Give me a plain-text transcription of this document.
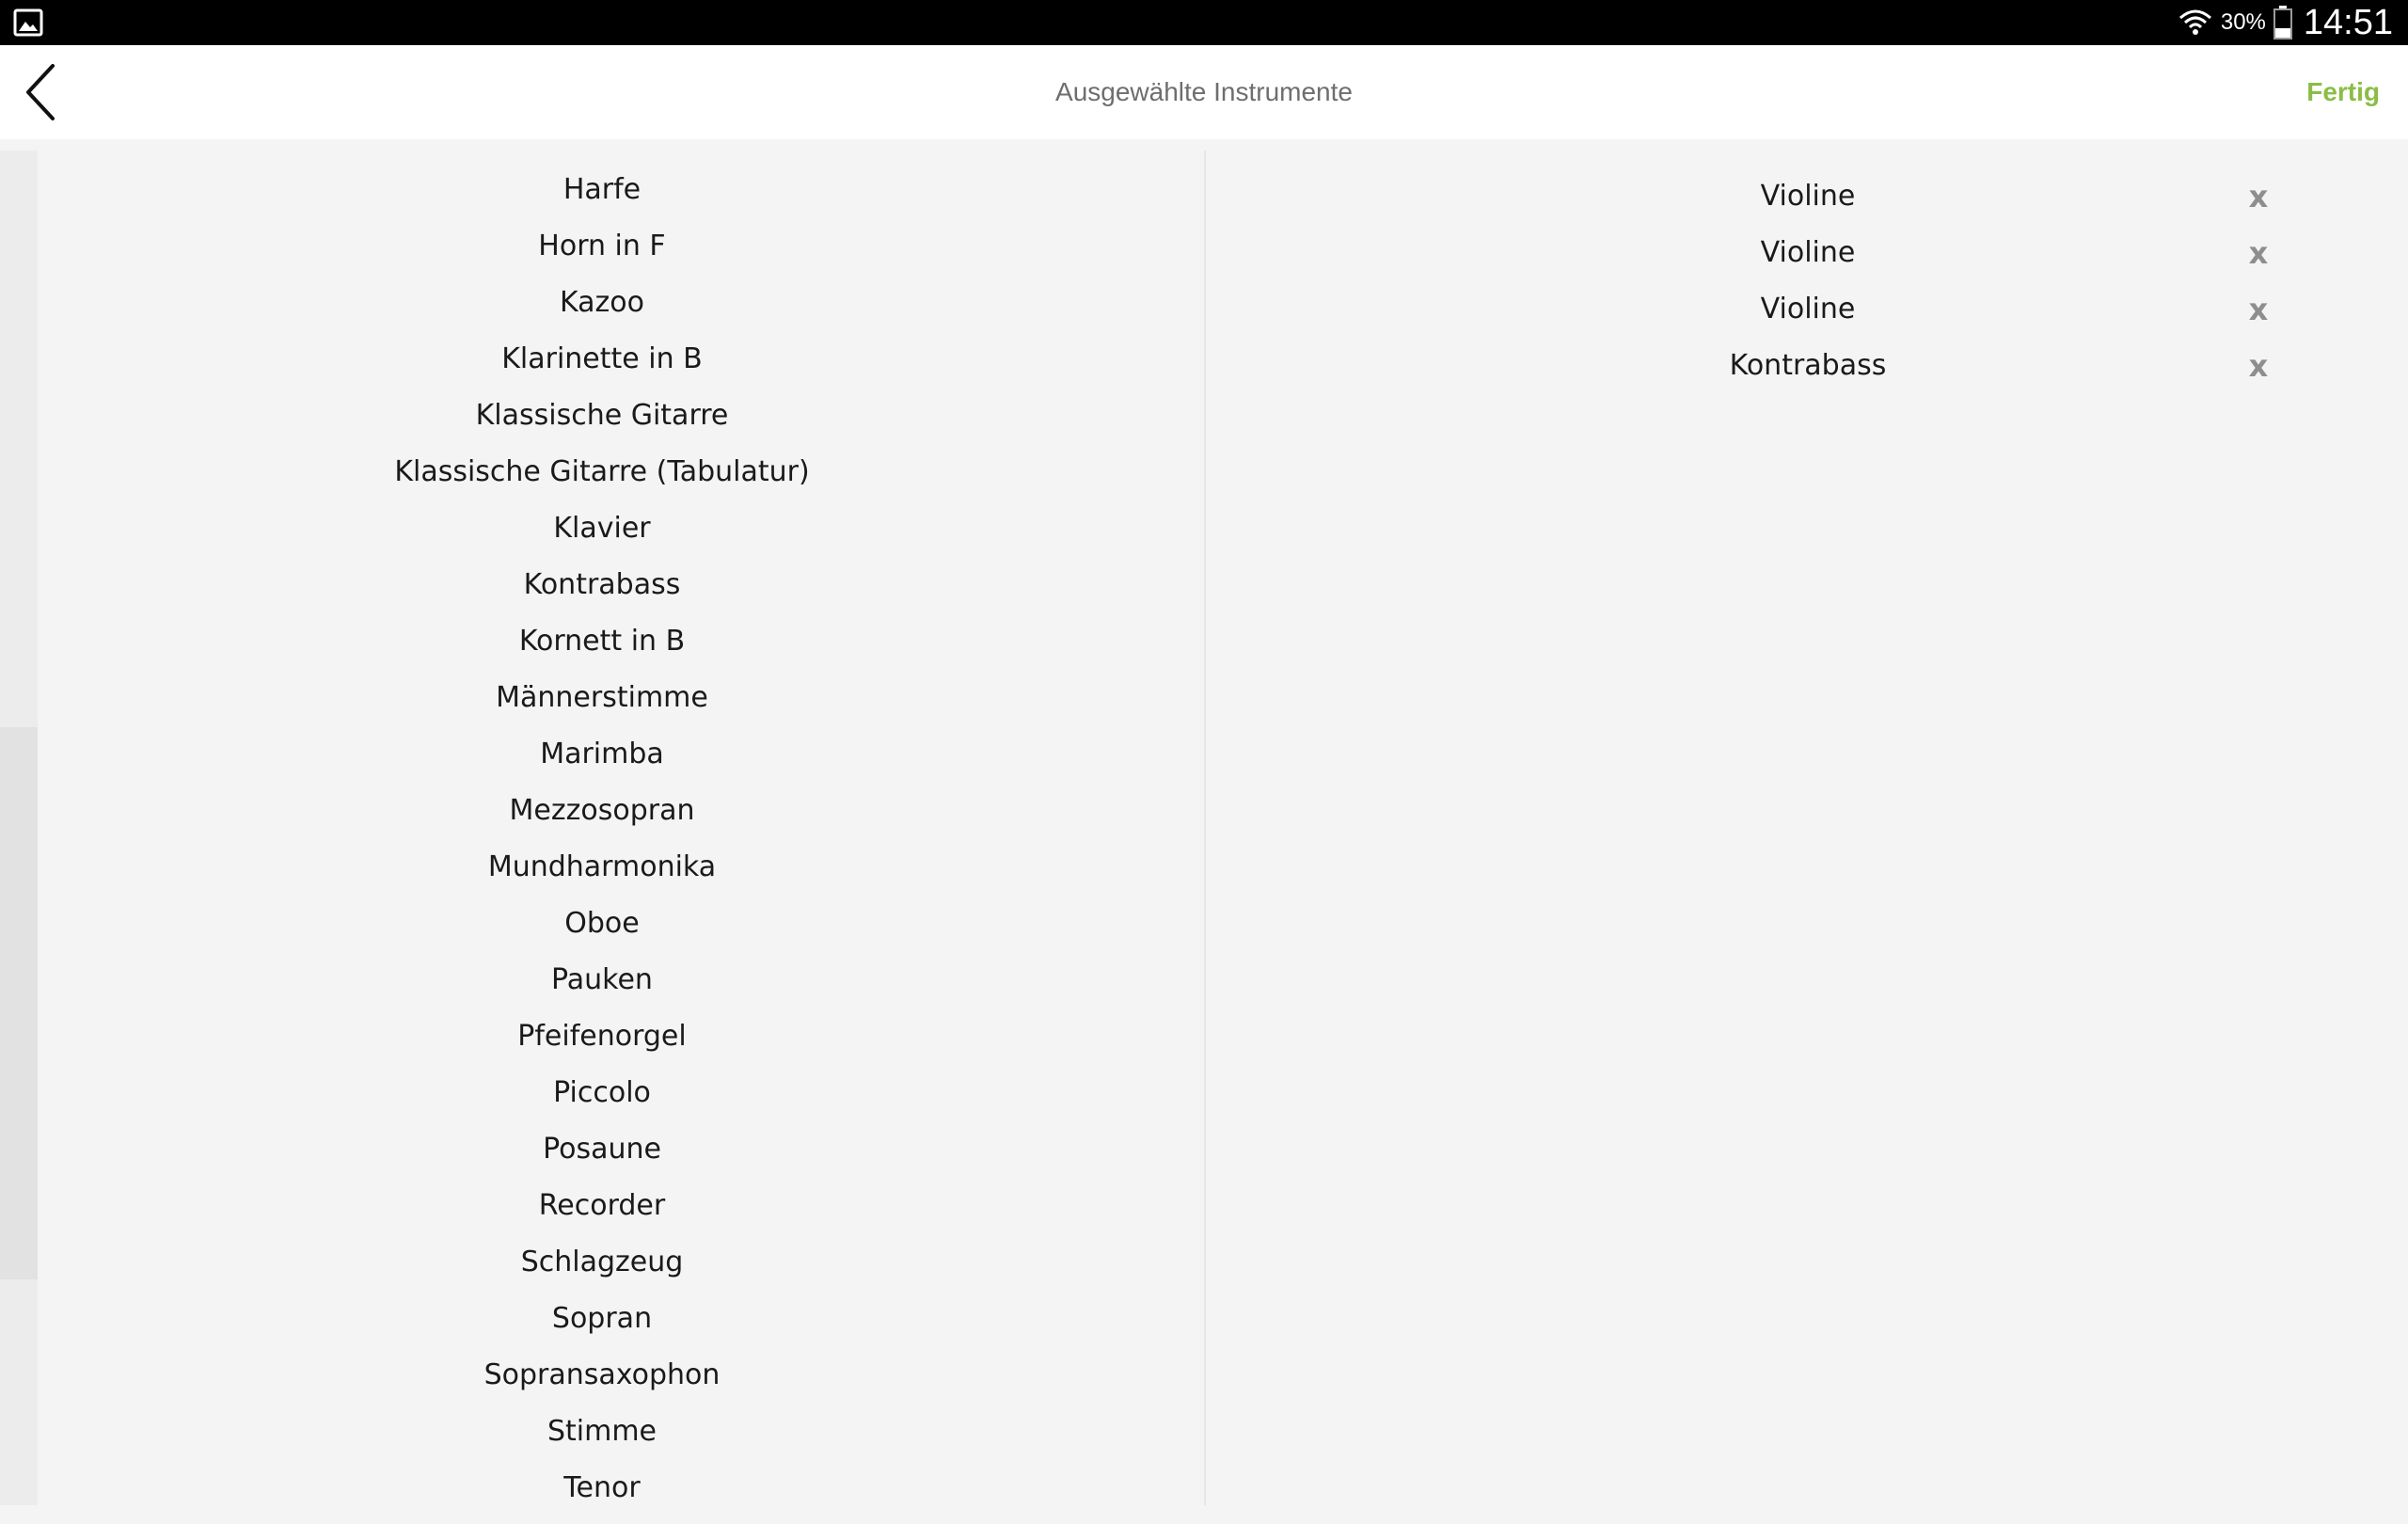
30% 14:51
Ausgewählte Instrumente	Fertig
Harfe
Horn in F
Kazoo
Klarinette in B
Klassische Gitarre
Klassische Gitarre (Tabulatur)
Klavier
Kontrabass
Kornett in B
Männerstimme
Marimba
Mezzosopran
Mundharmonika
Oboe
Pauken
Pfeifenorgel
Piccolo
Posaune
Recorder
Schlagzeug
Sopran
Sopransaxophon
Stimme
Tenor
Violine	x
Violine	x
Violine	x
Kontrabass	x
